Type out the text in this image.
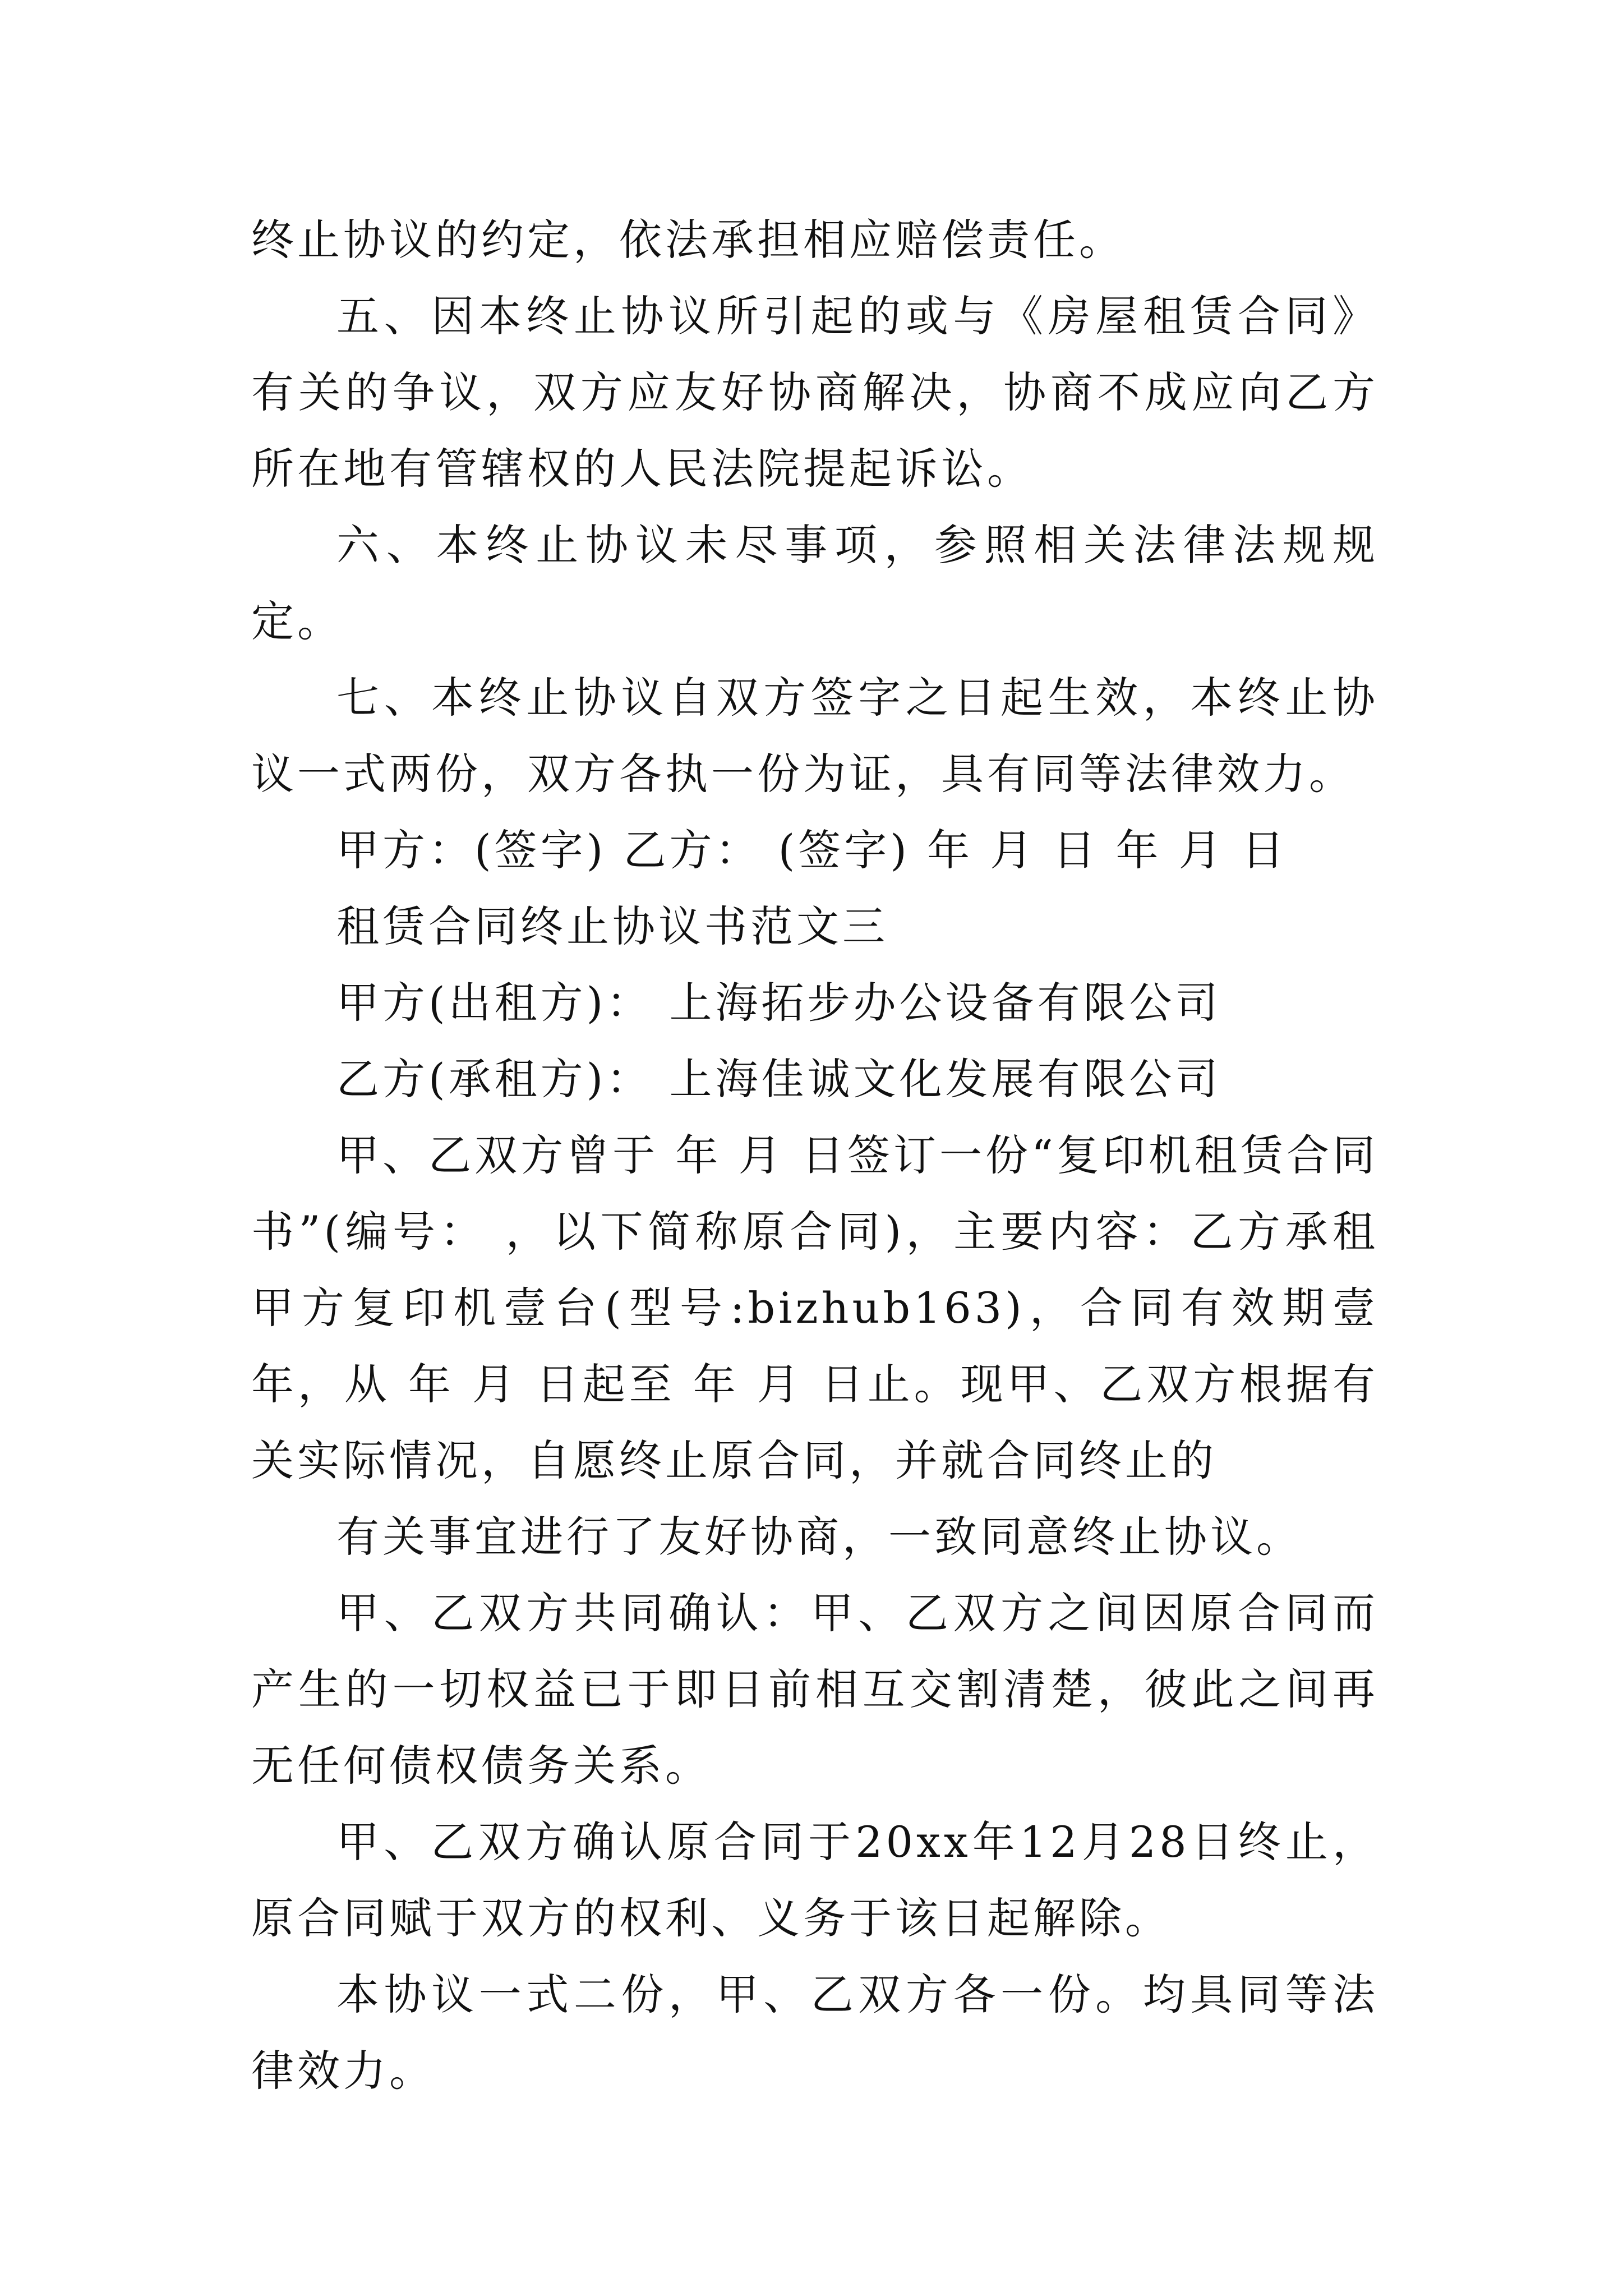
终止协议的约定，依法承担相应赔偿责任。

五、因本终止协议所引起的或与《房屋租赁合同》有关的争议，双方应友好协商解决，协商不成应向乙方所在地有管辖权的人民法院提起诉讼。

六、本终止协议未尽事项，参照相关法律法规规定。

七、本终止协议自双方签字之日起生效，本终止协议一式两份，双方各执一份为证，具有同等法律效力。

甲方：(签字) 乙方： (签字) 年 月 日 年 月 日

租赁合同终止协议书范文三

甲方(出租方)： 上海拓步办公设备有限公司

乙方(承租方)： 上海佳诚文化发展有限公司

甲、乙双方曾于 年 月 日签订一份“复印机租赁合同书”(编号： ，以下简称原合同)，主要内容：乙方承租甲方复印机壹台(型号:bizhub163)，合同有效期壹年，从 年 月 日起至 年 月 日止。现甲、乙双方根据有关实际情况，自愿终止原合同，并就合同终止的

有关事宜进行了友好协商，一致同意终止协议。

甲、乙双方共同确认：甲、乙双方之间因原合同而产生的一切权益已于即日前相互交割清楚，彼此之间再无任何债权债务关系。

甲、乙双方确认原合同于20xx年12月28日终止，原合同赋于双方的权利、义务于该日起解除。

本协议一式二份，甲、乙双方各一份。均具同等法律效力。
